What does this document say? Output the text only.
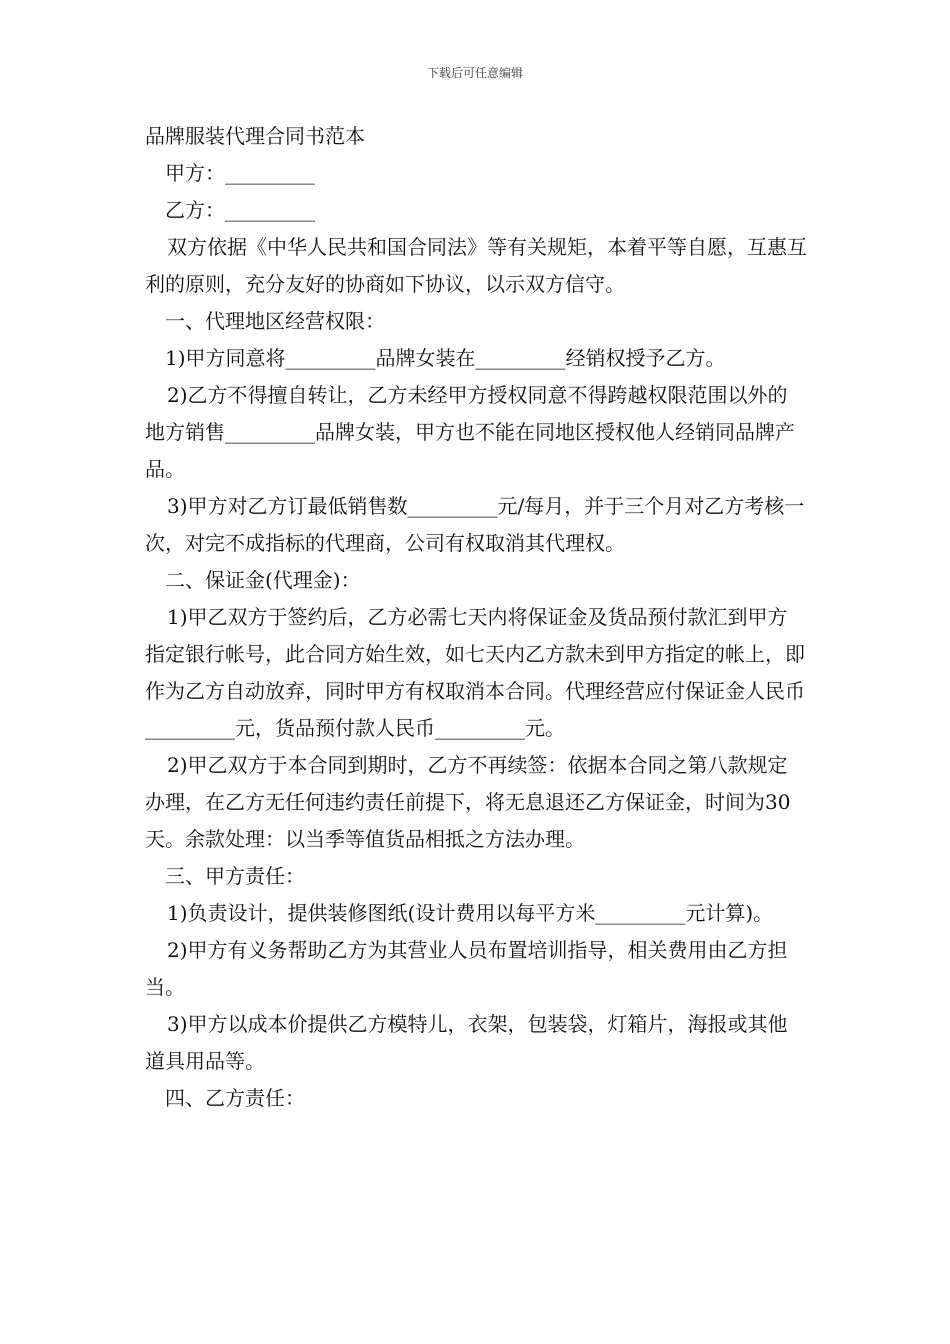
下载后可任意编辑

品牌服装代理合同书范本

甲方：_________

乙方：_________

双方依据《中华人民共和国合同法》等有关规矩，本着平等自愿，互惠互利的原则，充分友好的协商如下协议，以示双方信守。

一、代理地区经营权限：

1)甲方同意将_________品牌女装在_________经销权授予乙方。

2)乙方不得擅自转让，乙方未经甲方授权同意不得跨越权限范围以外的地方销售_________品牌女装，甲方也不能在同地区授权他人经销同品牌产品。

3)甲方对乙方订最低销售数_________元/每月，并于三个月对乙方考核一次，对完不成指标的代理商，公司有权取消其代理权。

二、保证金(代理金)：

1)甲乙双方于签约后，乙方必需七天内将保证金及货品预付款汇到甲方指定银行帐号，此合同方始生效，如七天内乙方款未到甲方指定的帐上，即作为乙方自动放弃，同时甲方有权取消本合同。代理经营应付保证金人民币_________元，货品预付款人民币_________元。

2)甲乙双方于本合同到期时，乙方不再续签：依据本合同之第八款规定办理，在乙方无任何违约责任前提下，将无息退还乙方保证金，时间为30天。余款处理：以当季等值货品相抵之方法办理。

三、甲方责任：

1)负责设计，提供装修图纸(设计费用以每平方米_________元计算)。

2)甲方有义务帮助乙方为其营业人员布置培训指导，相关费用由乙方担当。

3)甲方以成本价提供乙方模特儿，衣架，包装袋，灯箱片，海报或其他道具用品等。

四、乙方责任：
